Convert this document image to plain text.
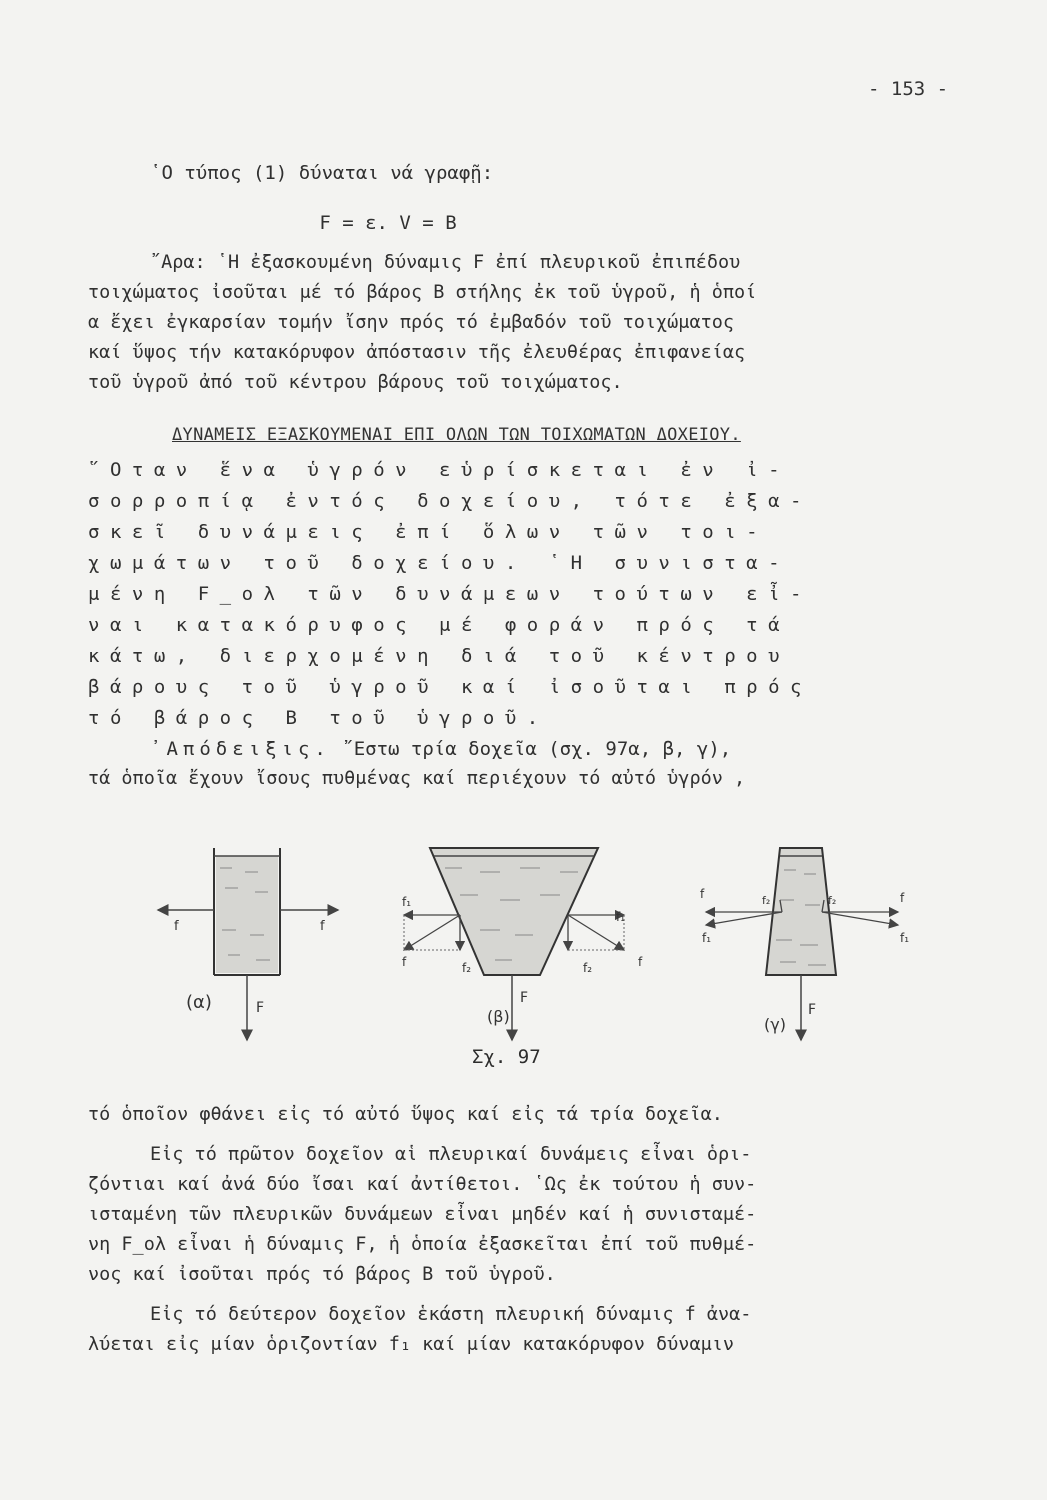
- 153 -
῾Ο τύπος (1) δύναται νά γραφῇ:
F = ε. V = B
῎Αρα: ῾Η ἐξασκουμένη δύναμις F ἐπί πλευρικοῦ ἐπιπέδου
τοιχώματος ἰσοῦται μέ τό βάρος Β στήλης ἐκ τοῦ ὑγροῦ, ἡ ὁποί
α ἔχει ἐγκαρσίαν τομήν ἴσην πρός τό ἐμβαδόν τοῦ τοιχώματος
καί ὕψος τήν κατακόρυφον ἀπόστασιν τῆς ἐλευθέρας ἐπιφανείας
τοῦ ὑγροῦ ἀπό τοῦ κέντρου βάρους τοῦ τοιχώματος.
ΔΥΝΑΜΕΙΣ ΕΞΑΣΚΟΥΜΕΝΑΙ ΕΠΙ ΟΛΩΝ ΤΩΝ ΤΟΙΧΩΜΑΤΩΝ ΔΟΧΕΙΟΥ.
῞Οταν ἕνα ὑγρόν εὑρίσκεται ἐν ἰ-
σορροπίᾳ ἐντός δοχείου, τότε ἐξα-
σκεῖ δυνάμεις ἐπί ὅλων τῶν τοι-
χωμάτων τοῦ δοχείου. ῾Η συνιστα-
μένη F_ολ τῶν δυνάμεων τούτων εἶ-
ναι κατακόρυφος μέ φοράν πρός τά
κάτω, διερχομένη διά τοῦ κέντρου
βάρους τοῦ ὑγροῦ καί ἰσοῦται πρός
τό βάρος Β τοῦ ὑγροῦ.
᾿Απόδειξις. ῎Εστω τρία δοχεῖα (σχ. 97α, β, γ),
τά ὁποῖα ἔχουν ἴσους πυθμένας καί περιέχουν τό αὐτό ὑγρόν ,
f	f
F
(α)
f₁
f₁
f	f
f₂	f₂
(β)
F
f	f
f₂	f₂
f₁	f₁
(γ)
F
Σχ. 97
τό ὁποῖον φθάνει εἰς τό αὐτό ὕψος καί εἰς τά τρία δοχεῖα.
Εἰς τό πρῶτον δοχεῖον αἱ πλευρικαί δυνάμεις εἶναι ὁρι-
ζόντιαι καί ἀνά δύο ἴσαι καί ἀντίθετοι. ῾Ως ἐκ τούτου ἡ συν-
ισταμένη τῶν πλευρικῶν δυνάμεων εἶναι μηδέν καί ἡ συνισταμέ-
νη F_ολ εἶναι ἡ δύναμις F, ἡ ὁποία ἐξασκεῖται ἐπί τοῦ πυθμέ-
νος καί ἰσοῦται πρός τό βάρος Β τοῦ ὑγροῦ.
Εἰς τό δεύτερον δοχεῖον ἑκάστη πλευρική δύναμις f ἀνα-
λύεται εἰς μίαν ὁριζοντίαν f₁ καί μίαν κατακόρυφον δύναμιν
